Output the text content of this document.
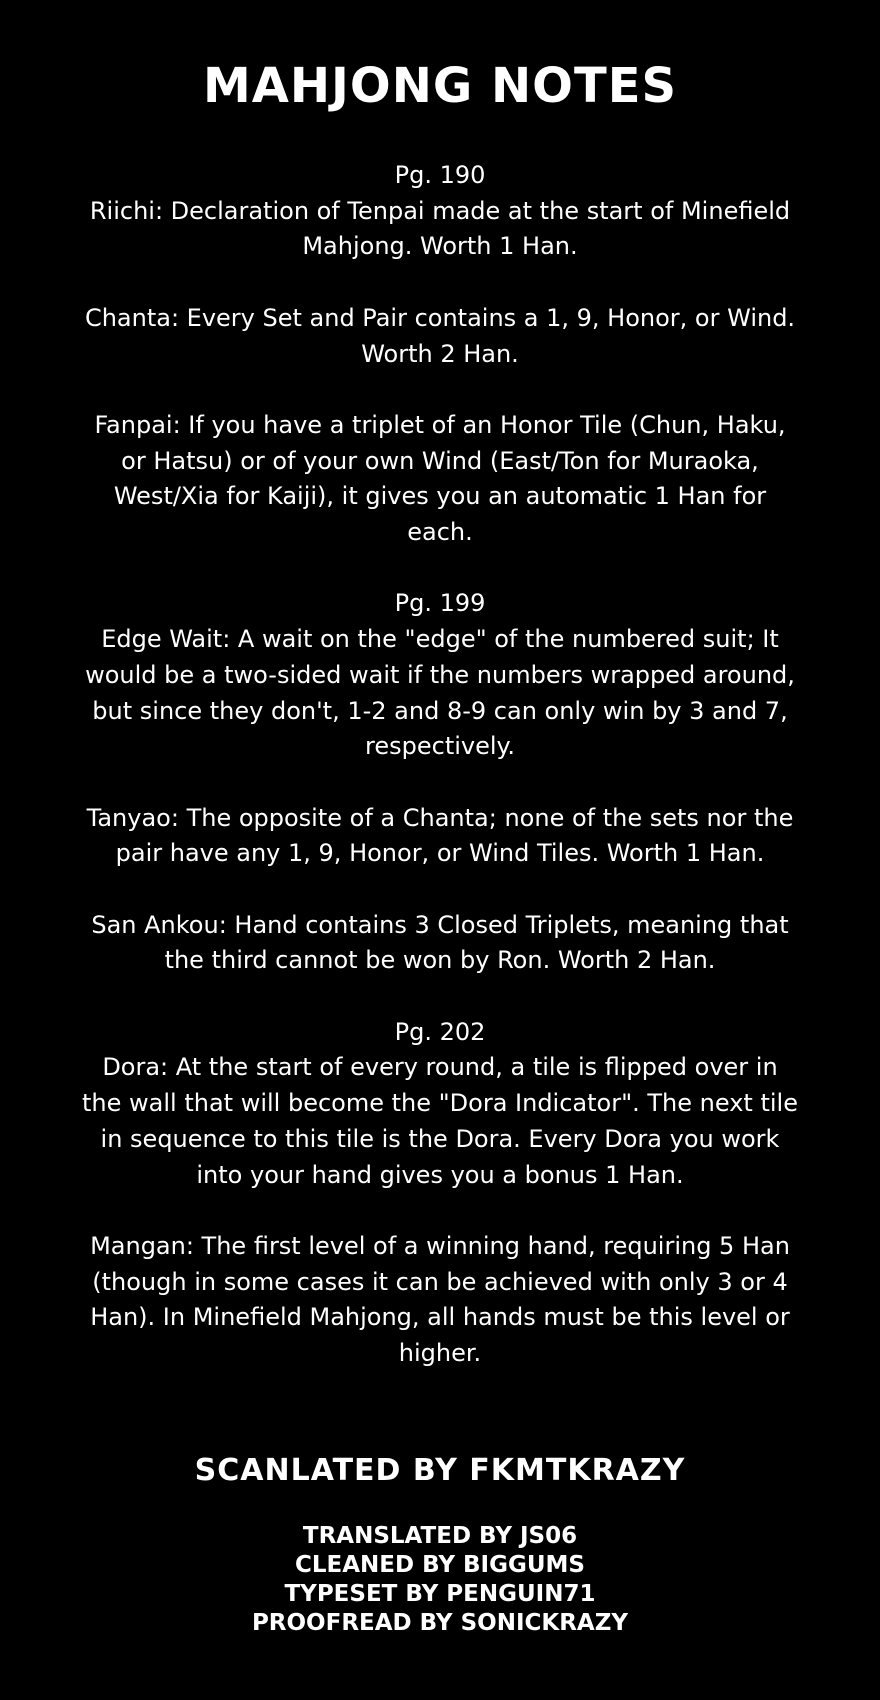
MAHJONG NOTES
Pg. 190
Riichi: Declaration of Tenpai made at the start of Minefield Mahjong. Worth 1 Han.
Chanta: Every Set and Pair contains a 1, 9, Honor, or Wind. Worth 2 Han.
Fanpai: If you have a triplet of an Honor Tile (Chun, Haku, or Hatsu) or of your own Wind (East/Ton for Muraoka, West/Xia for Kaiji), it gives you an automatic 1 Han for each.
Pg. 199
Edge Wait: A wait on the "edge" of the numbered suit; It would be a two-sided wait if the numbers wrapped around, but since they don't, 1-2 and 8-9 can only win by 3 and 7, respectively.
Tanyao: The opposite of a Chanta; none of the sets nor the pair have any 1, 9, Honor, or Wind Tiles. Worth 1 Han.
San Ankou: Hand contains 3 Closed Triplets, meaning that the third cannot be won by Ron. Worth 2 Han.
Pg. 202
Dora: At the start of every round, a tile is flipped over in the wall that will become the "Dora Indicator". The next tile in sequence to this tile is the Dora. Every Dora you work into your hand gives you a bonus 1 Han.
Mangan: The first level of a winning hand, requiring 5 Han (though in some cases it can be achieved with only 3 or 4 Han). In Minefield Mahjong, all hands must be this level or higher.
SCANLATED BY FKMTKRAZY
TRANSLATED BY JS06
CLEANED BY BIGGUMS
TYPESET BY PENGUIN71
PROOFREAD BY SONICKRAZY
